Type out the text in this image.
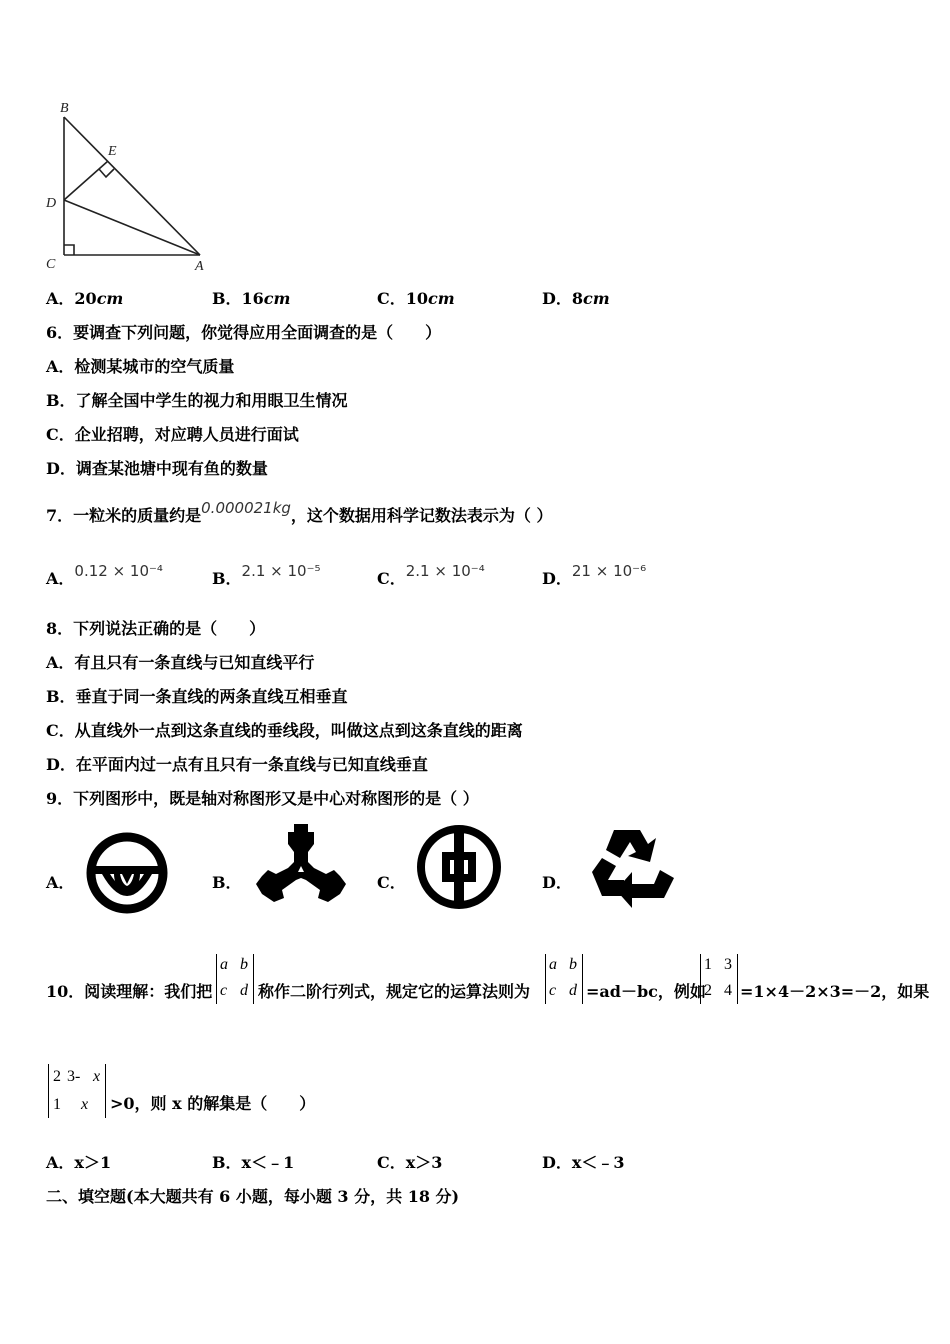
B
E
D
C	A
A．20cm	B．16cm	C．10cm	D．8cm
6．要调查下列问题，你觉得应用全面调查的是（　　）
A．检测某城市的空气质量
B．了解全国中学生的视力和用眼卫生情况
C．企业招聘，对应聘人员进行面试
D．调查某池塘中现有鱼的数量
7．一粒米的质量约是0.000021kg，这个数据用科学记数法表示为（ ）
A．0.12 × 10⁻⁴	B．2.1 × 10⁻⁵	C．2.1 × 10⁻⁴	D．21 × 10⁻⁶
8．下列说法正确的是（　　）
A．有且只有一条直线与已知直线平行
B．垂直于同一条直线的两条直线互相垂直
C．从直线外一点到这条直线的垂线段，叫做这点到这条直线的距离
D．在平面内过一点有且只有一条直线与已知直线垂直
9．下列图形中，既是轴对称图形又是中心对称图形的是（ ）
A．	B．	C．	D．
10．阅读理解：我们把
a b
c d 称作二阶行列式，规定它的运算法则为
a b
c d =ad－bc，例如
1 3
2 4 =1×4－2×3=－2，如果
2 3- x
1 x >0，则 x 的解集是（　　）
A．x＞1	B．x＜﹣1	C．x＞3	D．x＜﹣3
二、填空题(本大题共有 6 小题，每小题 3 分，共 18 分)
